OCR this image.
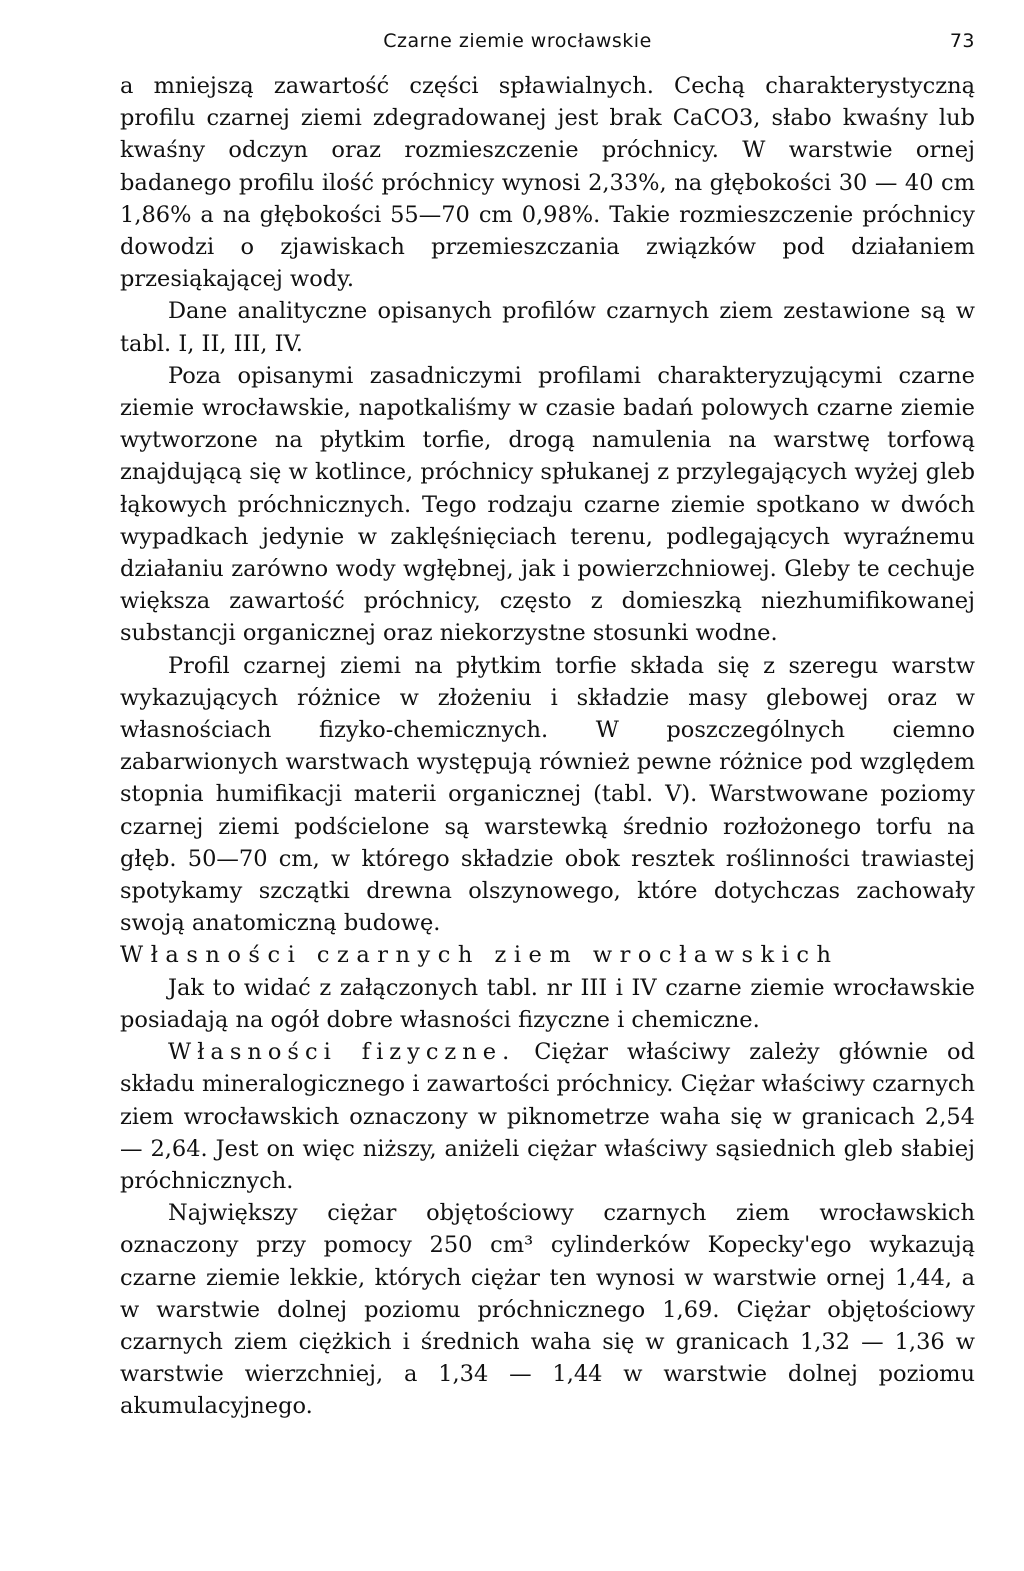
Czarne ziemie wrocławskie	73

a mniejszą zawartość części spławialnych. Cechą charakterystyczną profilu czarnej ziemi zdegradowanej jest brak CaCO3, słabo kwaśny lub kwaśny odczyn oraz rozmieszczenie próchnicy. W warstwie ornej badanego profilu ilość próchnicy wynosi 2,33%, na głębokości 30 — 40 cm 1,86% a na głębokości 55—70 cm 0,98%. Takie rozmieszczenie próchnicy dowodzi o zjawiskach przemieszczania związków pod działaniem przesiąkającej wody.

Dane analityczne opisanych profilów czarnych ziem zestawione są w tabl. I, II, III, IV.

Poza opisanymi zasadniczymi profilami charakteryzującymi czarne ziemie wrocławskie, napotkaliśmy w czasie badań polowych czarne ziemie wytworzone na płytkim torfie, drogą namulenia na warstwę torfową znajdującą się w kotlince, próchnicy spłukanej z przylegających wyżej gleb łąkowych próchnicznych. Tego rodzaju czarne ziemie spotkano w dwóch wypadkach jedynie w zaklęśnięciach terenu, podlegających wyraźnemu działaniu zarówno wody wgłębnej, jak i powierzchniowej. Gleby te cechuje większa zawartość próchnicy, często z domieszką niezhumifikowanej substancji organicznej oraz niekorzystne stosunki wodne.

Profil czarnej ziemi na płytkim torfie składa się z szeregu warstw wykazujących różnice w złożeniu i składzie masy glebowej oraz w własnościach fizyko-chemicznych. W poszczególnych ciemno zabarwionych warstwach występują również pewne różnice pod względem stopnia humifikacji materii organicznej (tabl. V). Warstwowane poziomy czarnej ziemi podścielone są warstewką średnio rozłożonego torfu na głęb. 50—70 cm, w którego składzie obok resztek roślinności trawiastej spotykamy szczątki drewna olszynowego, które dotychczas zachowały swoją anatomiczną budowę.

Własności czarnych ziem wrocławskich

Jak to widać z załączonych tabl. nr III i IV czarne ziemie wrocławskie posiadają na ogół dobre własności fizyczne i chemiczne.

Własności fizyczne. Ciężar właściwy zależy głównie od składu mineralogicznego i zawartości próchnicy. Ciężar właściwy czarnych ziem wrocławskich oznaczony w piknometrze waha się w granicach 2,54 — 2,64. Jest on więc niższy, aniżeli ciężar właściwy sąsiednich gleb słabiej próchnicznych.

Największy ciężar objętościowy czarnych ziem wrocławskich oznaczony przy pomocy 250 cm³ cylinderków Kopecky'ego wykazują czarne ziemie lekkie, których ciężar ten wynosi w warstwie ornej 1,44, a w warstwie dolnej poziomu próchnicznego 1,69. Ciężar objętościowy czarnych ziem ciężkich i średnich waha się w granicach 1,32 — 1,36 w warstwie wierzchniej, a 1,34 — 1,44 w warstwie dolnej poziomu akumulacyjnego.
